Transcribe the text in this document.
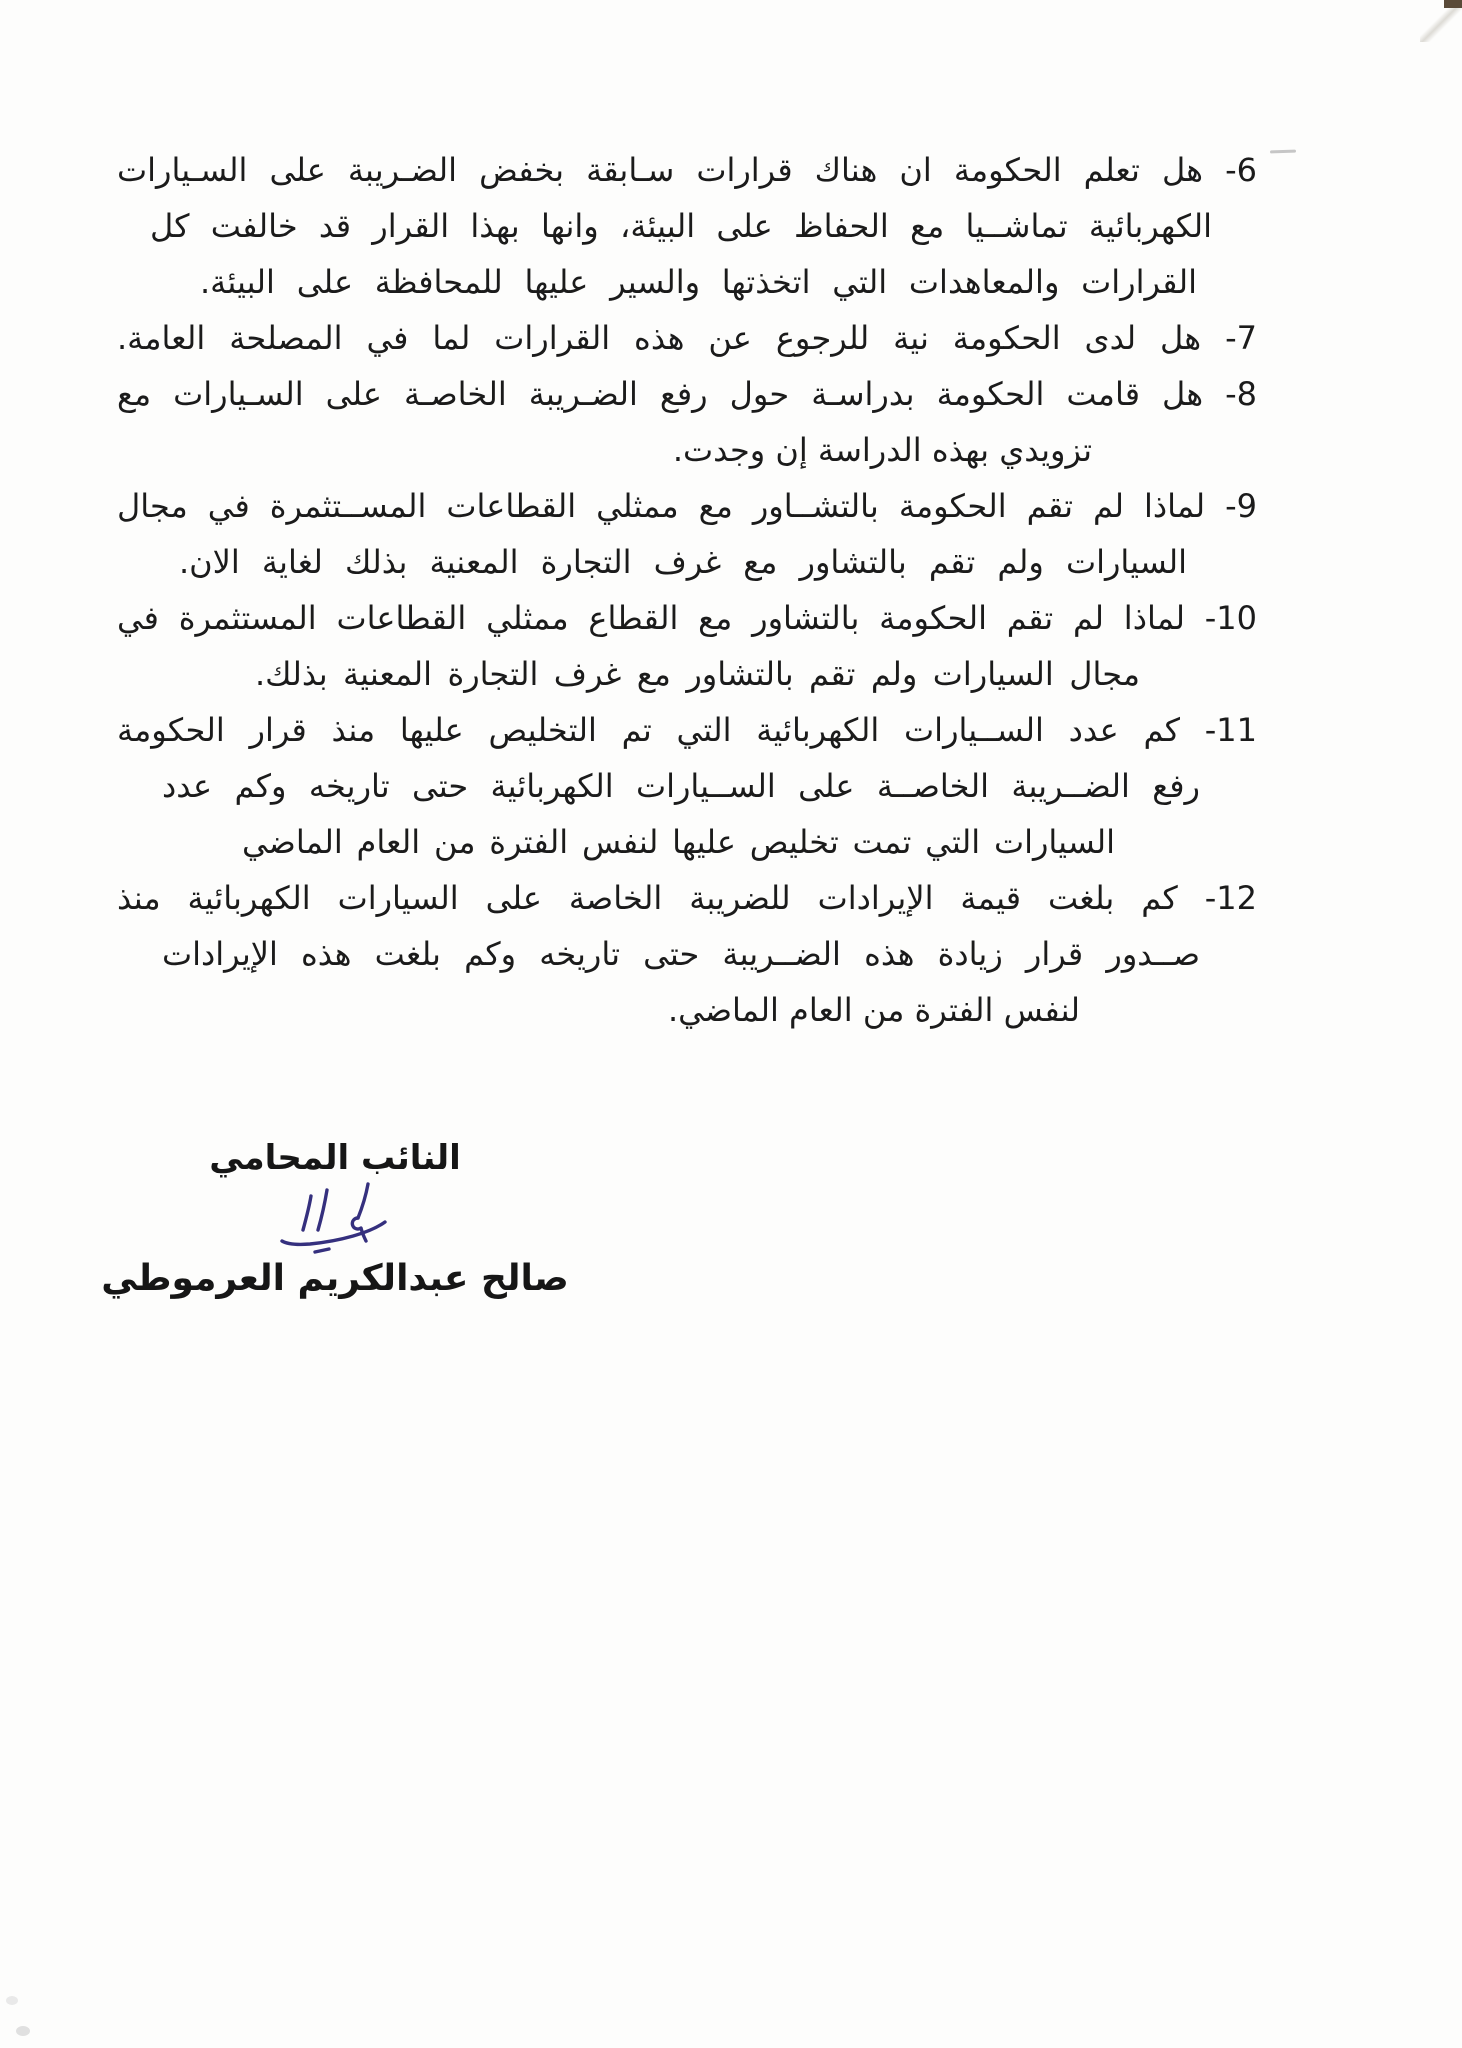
6- هل تعلم الحكومة ان هناك قرارات سـابقة بخفض الضـريبة على السـيارات
الكهربائية تماشــيا مع الحفاظ على البيئة، وانها بهذا القرار قد خالفت كل
القرارات والمعاهدات التي اتخذتها والسير عليها للمحافظة على البيئة.
7- هل لدى الحكومة نية للرجوع عن هذه القرارات لما في المصلحة العامة.
8- هل قامت الحكومة بدراسـة حول رفع الضـريبة الخاصـة على السـيارات مع
تزويدي بهذه الدراسة إن وجدت.
9- لماذا لم تقم الحكومة بالتشــاور مع ممثلي القطاعات المســتثمرة في مجال
السيارات ولم تقم بالتشاور مع غرف التجارة المعنية بذلك لغاية الان.
10- لماذا لم تقم الحكومة بالتشاور مع القطاع ممثلي القطاعات المستثمرة في
مجال السيارات ولم تقم بالتشاور مع غرف التجارة المعنية بذلك.
11- كم عدد الســيارات الكهربائية التي تم التخليص عليها منذ قرار الحكومة
رفع الضــريبة الخاصــة على الســيارات الكهربائية حتى تاريخه وكم عدد
السيارات التي تمت تخليص عليها لنفس الفترة من العام الماضي
12- كم بلغت قيمة الإيرادات للضريبة الخاصة على السيارات الكهربائية منذ
صــدور قرار زيادة هذه الضــريبة حتى تاريخه وكم بلغت هذه الإيرادات
لنفس الفترة من العام الماضي.
النائب المحامي
صالح عبدالكريم العرموطي
